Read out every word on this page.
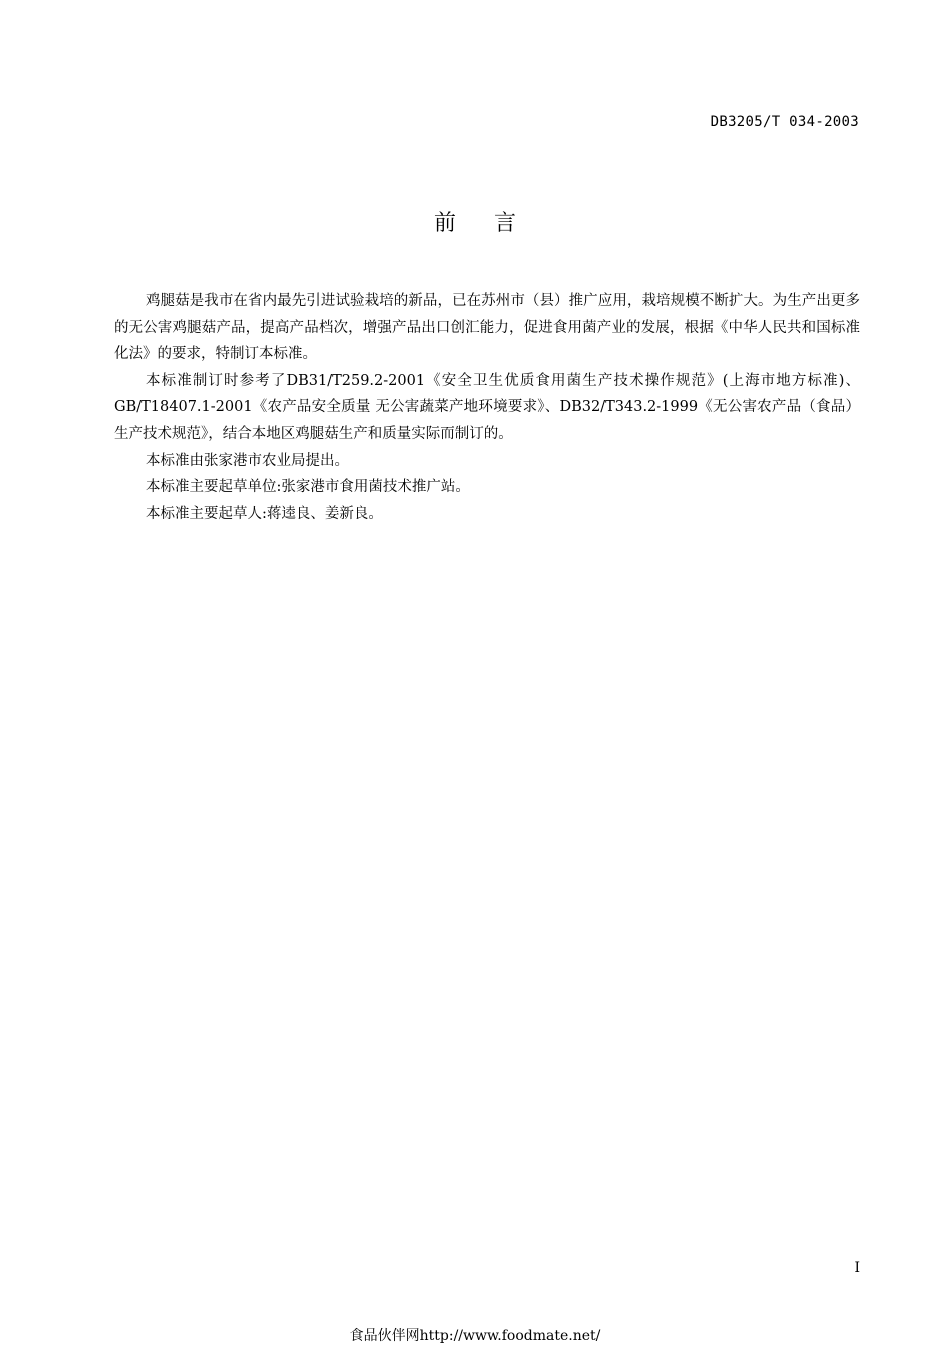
DB3205/T 034-2003
前言

鸡腿菇是我市在省内最先引进试验栽培的新品，已在苏州市（县）推广应用，栽培规模不断扩大。为生产出更多的无公害鸡腿菇产品，提高产品档次，增强产品出口创汇能力，促进食用菌产业的发展，根据《中华人民共和国标准化法》的要求，特制订本标准。

本标准制订时参考了DB31/T259.2-2001《安全卫生优质食用菌生产技术操作规范》(上海市地方标准)、GB/T18407.1-2001《农产品安全质量 无公害蔬菜产地环境要求》、DB32/T343.2-1999《无公害农产品（食品）生产技术规范》，结合本地区鸡腿菇生产和质量实际而制订的。

本标准由张家港市农业局提出。

本标准主要起草单位:张家港市食用菌技术推广站。

本标准主要起草人:蒋逵良、姜新良。

I
食品伙伴网http://www.foodmate.net/
